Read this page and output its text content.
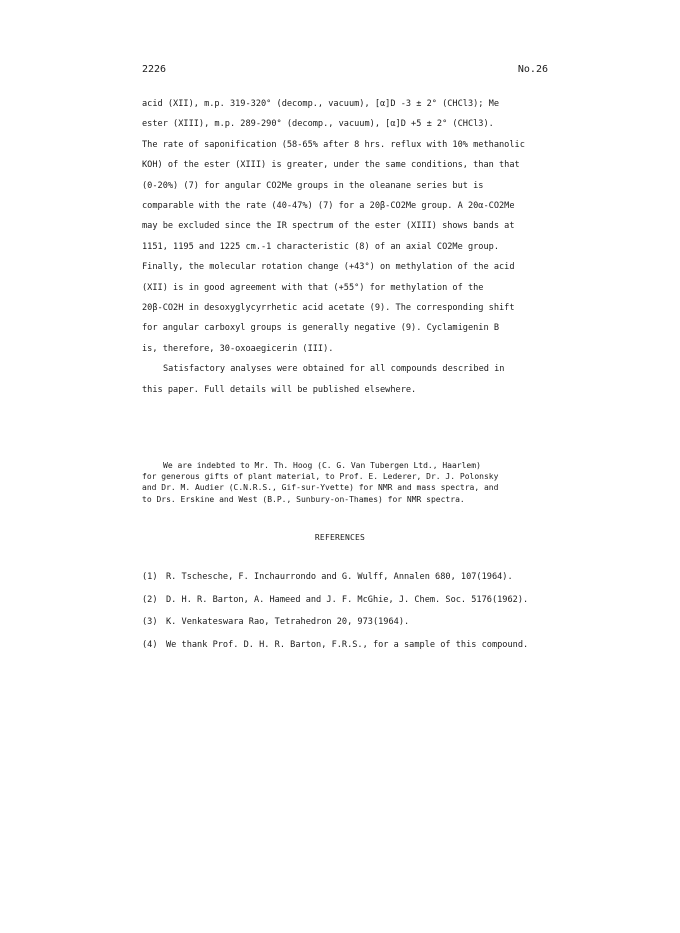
2226	No.26
acid (XII), m.p. 319-320° (decomp., vacuum), [α]D -3 ± 2° (CHCl3); Me
ester (XIII), m.p. 289-290° (decomp., vacuum), [α]D +5 ± 2° (CHCl3).
The rate of saponification (58-65% after 8 hrs. reflux with 10% methanolic
KOH) of the ester (XIII) is greater, under the same conditions, than that
(0-20%) (7) for angular CO2Me groups in the oleanane series but is
comparable with the rate (40-47%) (7) for a 20β-CO2Me group. A 20α-CO2Me
may be excluded since the IR spectrum of the ester (XIII) shows bands at
1151, 1195 and 1225 cm.-1 characteristic (8) of an axial CO2Me group.
Finally, the molecular rotation change (+43°) on methylation of the acid
(XII) is in good agreement with that (+55°) for methylation of the
20β-CO2H in desoxyglycyrrhetic acid acetate (9). The corresponding shift
for angular carboxyl groups is generally negative (9). Cyclamigenin B
is, therefore, 30-oxoaegicerin (III).
Satisfactory analyses were obtained for all compounds described in
this paper. Full details will be published elsewhere.
We are indebted to Mr. Th. Hoog (C. G. Van Tubergen Ltd., Haarlem)
for generous gifts of plant material, to Prof. E. Lederer, Dr. J. Polonsky
and Dr. M. Audier (C.N.R.S., Gif-sur-Yvette) for NMR and mass spectra, and
to Drs. Erskine and West (B.P., Sunbury-on-Thames) for NMR spectra.
REFERENCES
(1) R. Tschesche, F. Inchaurrondo and G. Wulff, Annalen 680, 107(1964).
(2) D. H. R. Barton, A. Hameed and J. F. McGhie, J. Chem. Soc. 5176(1962).
(3) K. Venkateswara Rao, Tetrahedron 20, 973(1964).
(4) We thank Prof. D. H. R. Barton, F.R.S., for a sample of this compound.
